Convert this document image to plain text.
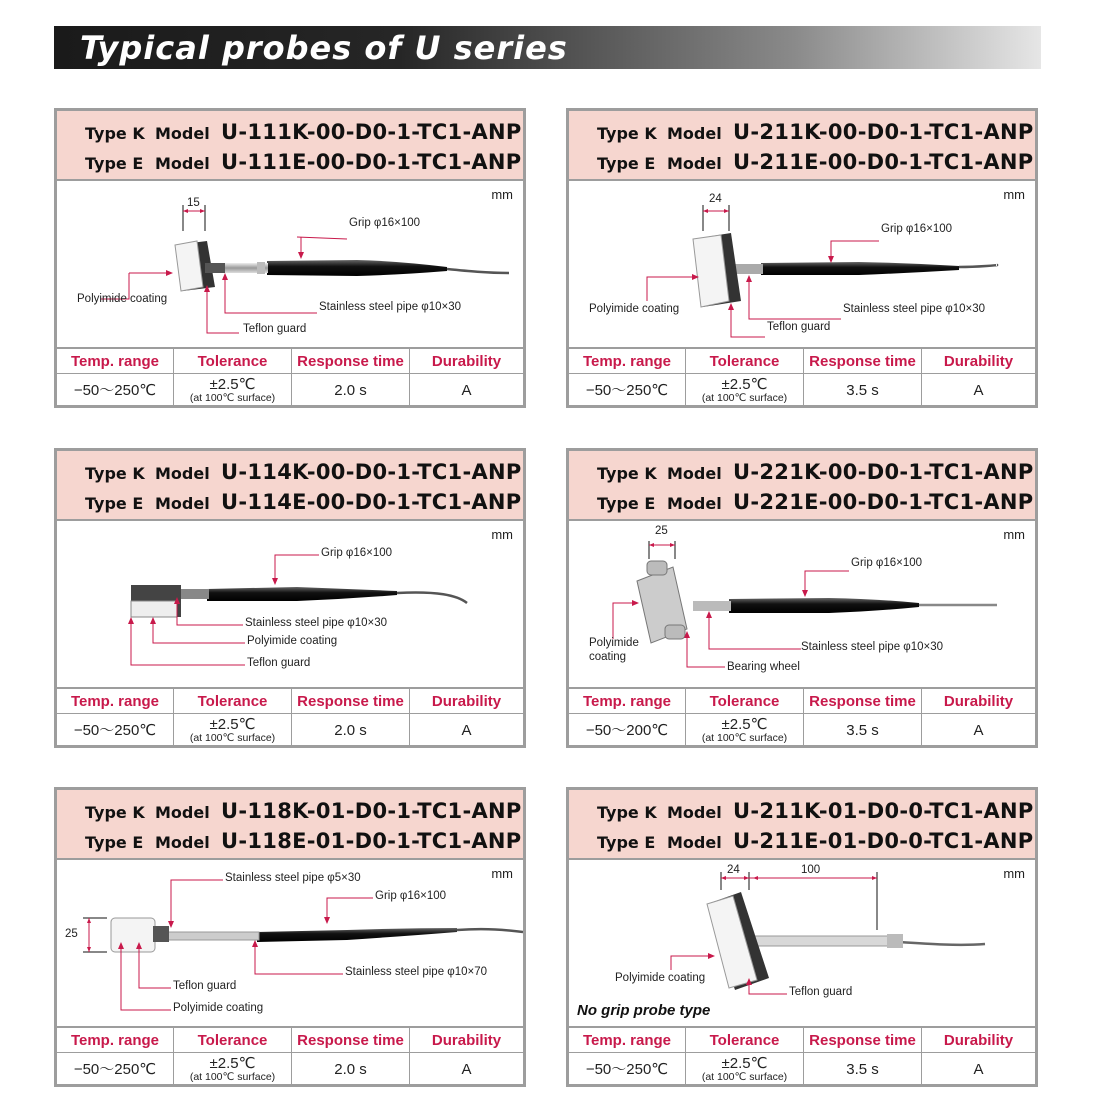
Typical probes of U series
Type K Model U-111K-00-D0-1-TC1-ANP
Type E Model U-111E-00-D0-1-TC1-ANP
mm
15
Grip φ16×100
Polyimide coating
Stainless steel pipe φ10×30
Teflon guard
Temp. range	Tolerance	Response time	Durability
−50〜250℃	±2.5℃
(at 100℃ surface)	2.0 s	A
Type K Model U-211K-00-D0-1-TC1-ANP
Type E Model U-211E-00-D0-1-TC1-ANP
mm
24
Grip φ16×100
Polyimide coating	Stainless steel pipe φ10×30
Teflon guard
Temp. range	Tolerance	Response time	Durability
−50〜250℃	±2.5℃
(at 100℃ surface)	3.5 s	A
Type K Model U-114K-00-D0-1-TC1-ANP
Type E Model U-114E-00-D0-1-TC1-ANP
mm
Grip φ16×100
Stainless steel pipe φ10×30
Polyimide coating
Teflon guard
Temp. range	Tolerance	Response time	Durability
−50〜250℃	±2.5℃
(at 100℃ surface)	2.0 s	A
Type K Model U-221K-00-D0-1-TC1-ANP
Type E Model U-221E-00-D0-1-TC1-ANP
mm
25
Grip φ16×100
Polyimide
coating
Stainless steel pipe φ10×30
Bearing wheel
Temp. range	Tolerance	Response time	Durability
−50〜200℃	±2.5℃
(at 100℃ surface)	3.5 s	A
Type K Model U-118K-01-D0-1-TC1-ANP
Type E Model U-118E-01-D0-1-TC1-ANP
mm
25
Stainless steel pipe φ5×30
Grip φ16×100
Stainless steel pipe φ10×70
Teflon guard
Polyimide coating
Temp. range	Tolerance	Response time	Durability
−50〜250℃	±2.5℃
(at 100℃ surface)	2.0 s	A
Type K Model U-211K-01-D0-0-TC1-ANP
Type E Model U-211E-01-D0-0-TC1-ANP
mm
24	100
Polyimide coating
Teflon guard
No grip probe type
Temp. range	Tolerance	Response time	Durability
−50〜250℃	±2.5℃
(at 100℃ surface)	3.5 s	A
